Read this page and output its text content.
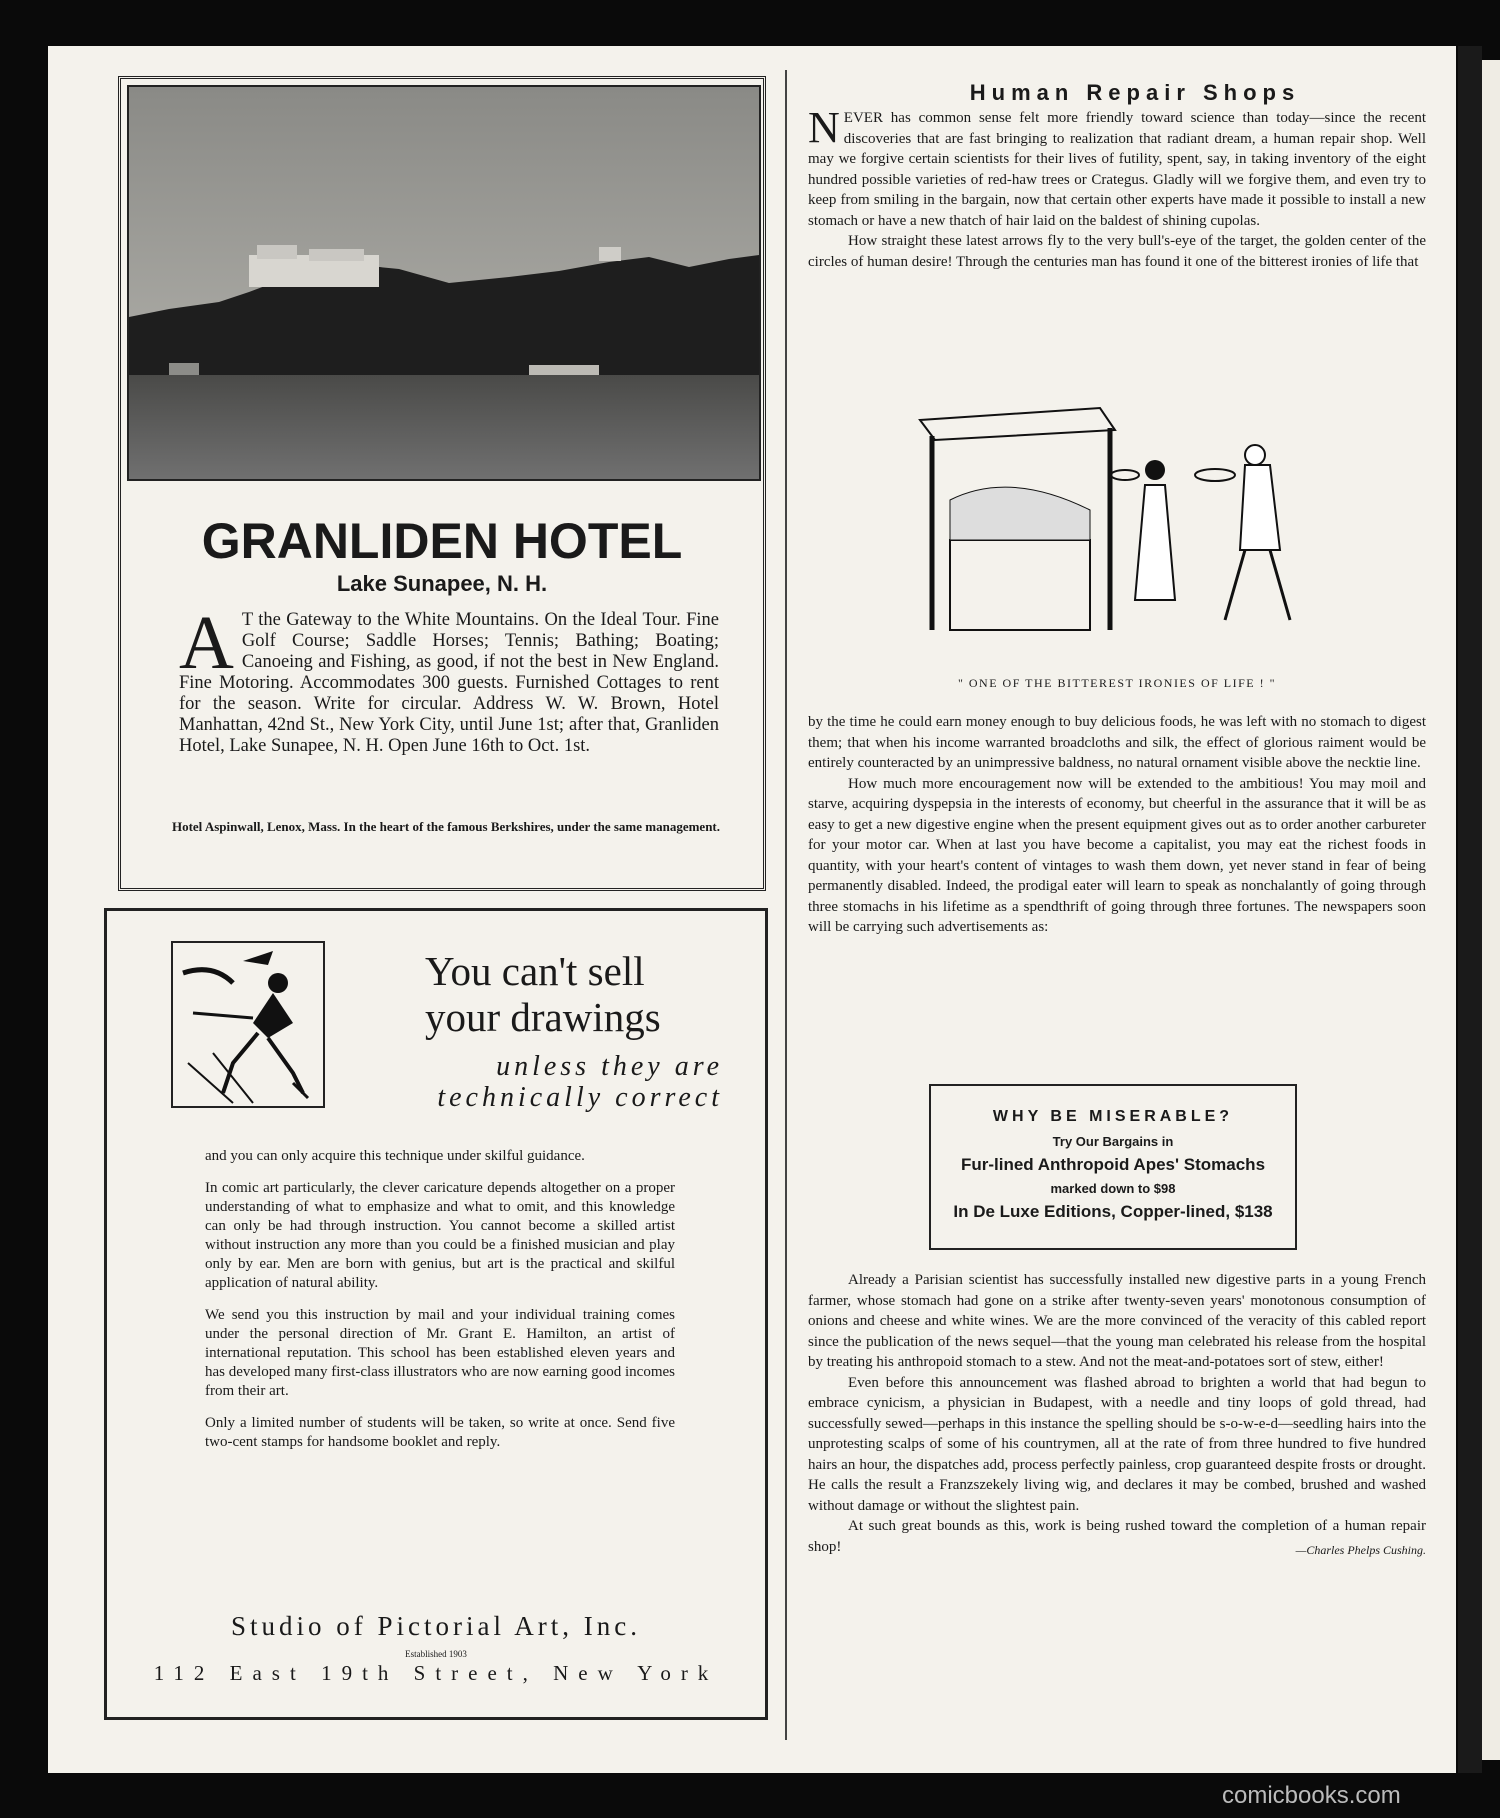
GRANLIDEN HOTEL
Lake Sunapee, N. H.
A T the Gateway to the White Mountains. On the Ideal Tour. Fine Golf Course; Saddle Horses; Tennis; Bathing; Boating; Canoeing and Fishing, as good, if not the best in New England. Fine Motoring. Accommodates 300 guests. Furnished Cottages to rent for the season. Write for circular. Address W. W. Brown, Hotel Manhattan, 42nd St., New York City, until June 1st; after that, Granliden Hotel, Lake Sunapee, N. H. Open June 16th to Oct. 1st.
Hotel Aspinwall, Lenox, Mass. In the heart of the famous Berkshires, under the same management.
You can't sell your drawings
unless they are technically correct

and you can only acquire this technique under skilful guidance.

In comic art particularly, the clever caricature depends altogether on a proper understanding of what to emphasize and what to omit, and this knowledge can only be had through instruction. You cannot become a skilled artist without instruction any more than you could be a finished musician and play only by ear. Men are born with genius, but art is the practical and skilful application of natural ability.

We send you this instruction by mail and your individual training comes under the personal direction of Mr. Grant E. Hamilton, an artist of international reputation. This school has been established eleven years and has developed many first-class illustrators who are now earning good incomes from their art.

Only a limited number of students will be taken, so write at once. Send five two-cent stamps for handsome booklet and reply.

Studio of Pictorial Art, Inc.
Established 1903
112 East 19th Street, New York
Human Repair Shops

NEVER has common sense felt more friendly toward science than today—since the recent discoveries that are fast bringing to realization that radiant dream, a human repair shop. Well may we forgive certain scientists for their lives of futility, spent, say, in taking inventory of the eight hundred possible varieties of red-haw trees or Crategus. Gladly will we forgive them, and even try to keep from smiling in the bargain, now that certain other experts have made it possible to install a new stomach or have a new thatch of hair laid on the baldest of shining cupolas.

How straight these latest arrows fly to the very bull's-eye of the target, the golden center of the circles of human desire! Through the centuries man has found it one of the bitterest ironies of life that

" ONE OF THE BITTEREST IRONIES OF LIFE ! "

by the time he could earn money enough to buy delicious foods, he was left with no stomach to digest them; that when his income warranted broadcloths and silk, the effect of glorious raiment would be entirely counteracted by an unimpressive baldness, no natural ornament visible above the necktie line.

How much more encouragement now will be extended to the ambitious! You may moil and starve, acquiring dyspepsia in the interests of economy, but cheerful in the assurance that it will be as easy to get a new digestive engine when the present equipment gives out as to order another carbureter for your motor car. When at last you have become a capitalist, you may eat the richest foods in quantity, with your heart's content of vintages to wash them down, yet never stand in fear of being permanently disabled. Indeed, the prodigal eater will learn to speak as nonchalantly of going through three stomachs in his lifetime as a spendthrift of going through three fortunes. The newspapers soon will be carrying such advertisements as:

WHY BE MISERABLE?
Try Our Bargains in
Fur-lined Anthropoid Apes' Stomachs
marked down to $98
In De Luxe Editions, Copper-lined, $138

Already a Parisian scientist has successfully installed new digestive parts in a young French farmer, whose stomach had gone on a strike after twenty-seven years' monotonous consumption of onions and cheese and white wines. We are the more convinced of the veracity of this cabled report since the publication of the news sequel—that the young man celebrated his release from the hospital by treating his anthropoid stomach to a stew. And not the meat-and-potatoes sort of stew, either!

Even before this announcement was flashed abroad to brighten a world that had begun to embrace cynicism, a physician in Budapest, with a needle and tiny loops of gold thread, had successfully sewed—perhaps in this instance the spelling should be s-o-w-e-d—seedling hairs into the unprotesting scalps of some of his countrymen, all at the rate of from three hundred to five hundred hairs an hour, the dispatches add, process perfectly painless, crop guaranteed despite frosts or drought. He calls the result a Franzszekely living wig, and declares it may be combed, brushed and washed without damage or without the slightest pain.

At such great bounds as this, work is being rushed toward the completion of a human repair shop!	—Charles Phelps Cushing.

comicbooks.com
